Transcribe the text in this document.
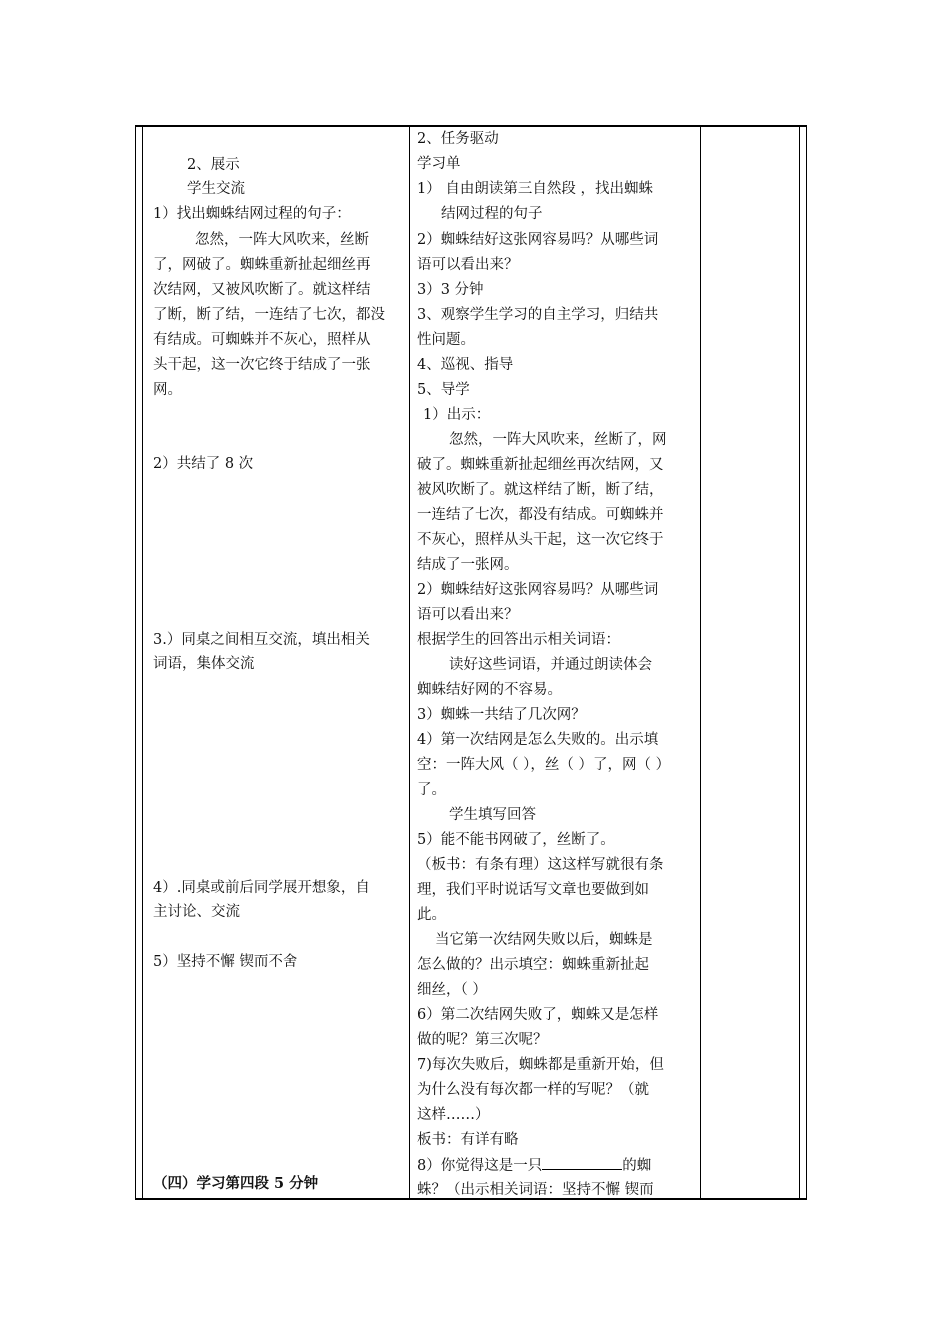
2、展示
学生交流
1）找出蜘蛛结网过程的句子：
忽然，一阵大风吹来，丝断
了，网破了。蜘蛛重新扯起细丝再
次结网，又被风吹断了。就这样结
了断，断了结，一连结了七次，都没
有结成。可蜘蛛并不灰心，照样从
头干起，这一次它终于结成了一张
网。
2）共结了 8 次
3.）同桌之间相互交流，填出相关
词语，集体交流
4）.同桌或前后同学展开想象，自
主讨论、交流
5）坚持不懈 锲而不舍
（四）学习第四段 5 分钟
2、任务驱动
学习单
1） 自由朗读第三自然段 ，找出蜘蛛
结网过程的句子
2）蜘蛛结好这张网容易吗？从哪些词
语可以看出来？
3）3 分钟
3、观察学生学习的自主学习，归结共
性问题。
4、巡视、指导
5、导学
1）出示：
忽然，一阵大风吹来，丝断了，网
破了。蜘蛛重新扯起细丝再次结网，又
被风吹断了。就这样结了断，断了结，
一连结了七次，都没有结成。可蜘蛛并
不灰心，照样从头干起，这一次它终于
结成了一张网。
2）蜘蛛结好这张网容易吗？从哪些词
语可以看出来？
根据学生的回答出示相关词语：
读好这些词语，并通过朗读体会
蜘蛛结好网的不容易。
3）蜘蛛一共结了几次网？
4）第一次结网是怎么失败的。出示填
空：一阵大风（ ），丝（ ）了，网（ ）
了。
学生填写回答
5）能不能书网破了，丝断了。
（板书：有条有理）这这样写就很有条
理，我们平时说话写文章也要做到如
此。
当它第一次结网失败以后，蜘蛛是
怎么做的？出示填空：蜘蛛重新扯起
细丝，（ ）
6）第二次结网失败了，蜘蛛又是怎样
做的呢？第三次呢？
7)每次失败后，蜘蛛都是重新开始，但
为什么没有每次都一样的写呢？（就
这样……）
板书：有详有略
8）你觉得这是一只	的蜘
蛛？（出示相关词语：坚持不懈 锲而
